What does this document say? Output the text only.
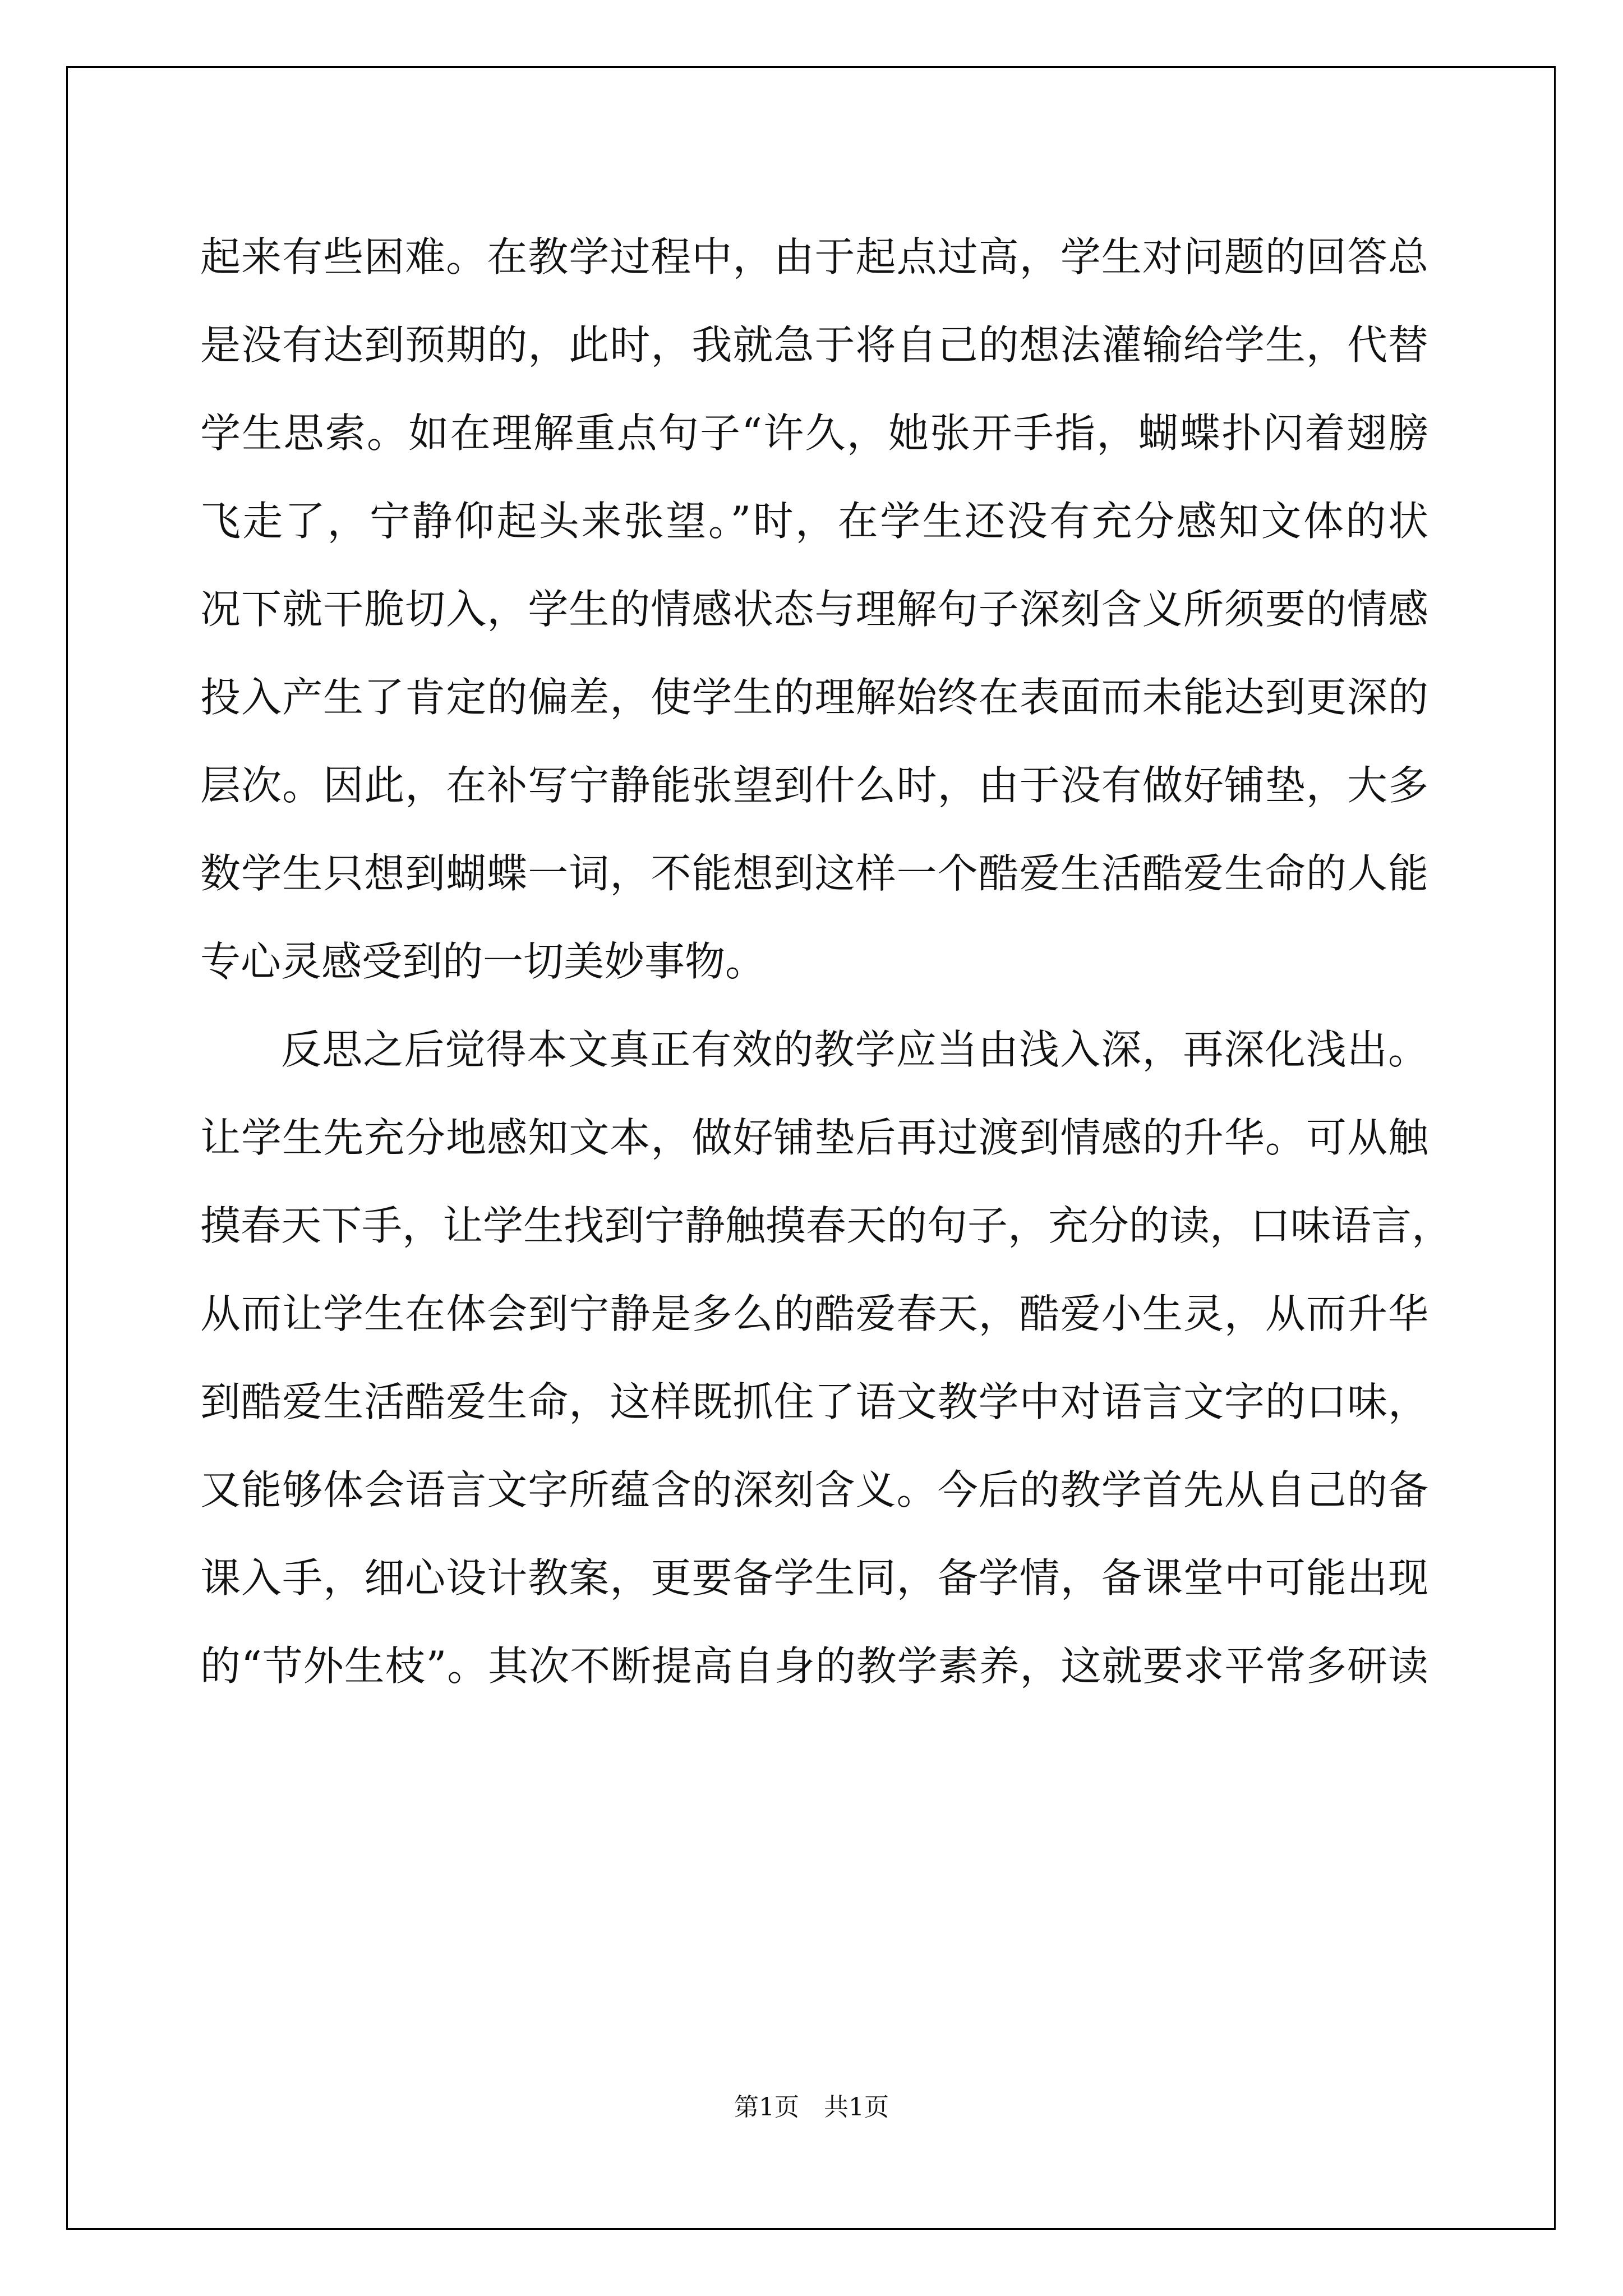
起来有些困难。在教学过程中，由于起点过高，学生对问题的回答总
是没有达到预期的，此时，我就急于将自己的想法灌输给学生，代替
学生思索。如在理解重点句子“许久，她张开手指，蝴蝶扑闪着翅膀
飞走了，宁静仰起头来张望。”时，在学生还没有充分感知文体的状
况下就干脆切入，学生的情感状态与理解句子深刻含义所须要的情感
投入产生了肯定的偏差，使学生的理解始终在表面而未能达到更深的
层次。因此，在补写宁静能张望到什么时，由于没有做好铺垫，大多
数学生只想到蝴蝶一词，不能想到这样一个酷爱生活酷爱生命的人能
专心灵感受到的一切美妙事物。
反思之后觉得本文真正有效的教学应当由浅入深，再深化浅出。
让学生先充分地感知文本，做好铺垫后再过渡到情感的升华。可从触
摸春天下手，让学生找到宁静触摸春天的句子，充分的读，口味语言，
从而让学生在体会到宁静是多么的酷爱春天，酷爱小生灵，从而升华
到酷爱生活酷爱生命，这样既抓住了语文教学中对语言文字的口味，
又能够体会语言文字所蕴含的深刻含义。今后的教学首先从自己的备
课入手，细心设计教案，更要备学生同，备学情，备课堂中可能出现
的“节外生枝”。其次不断提高自身的教学素养，这就要求平常多研读
第1页　共1页
